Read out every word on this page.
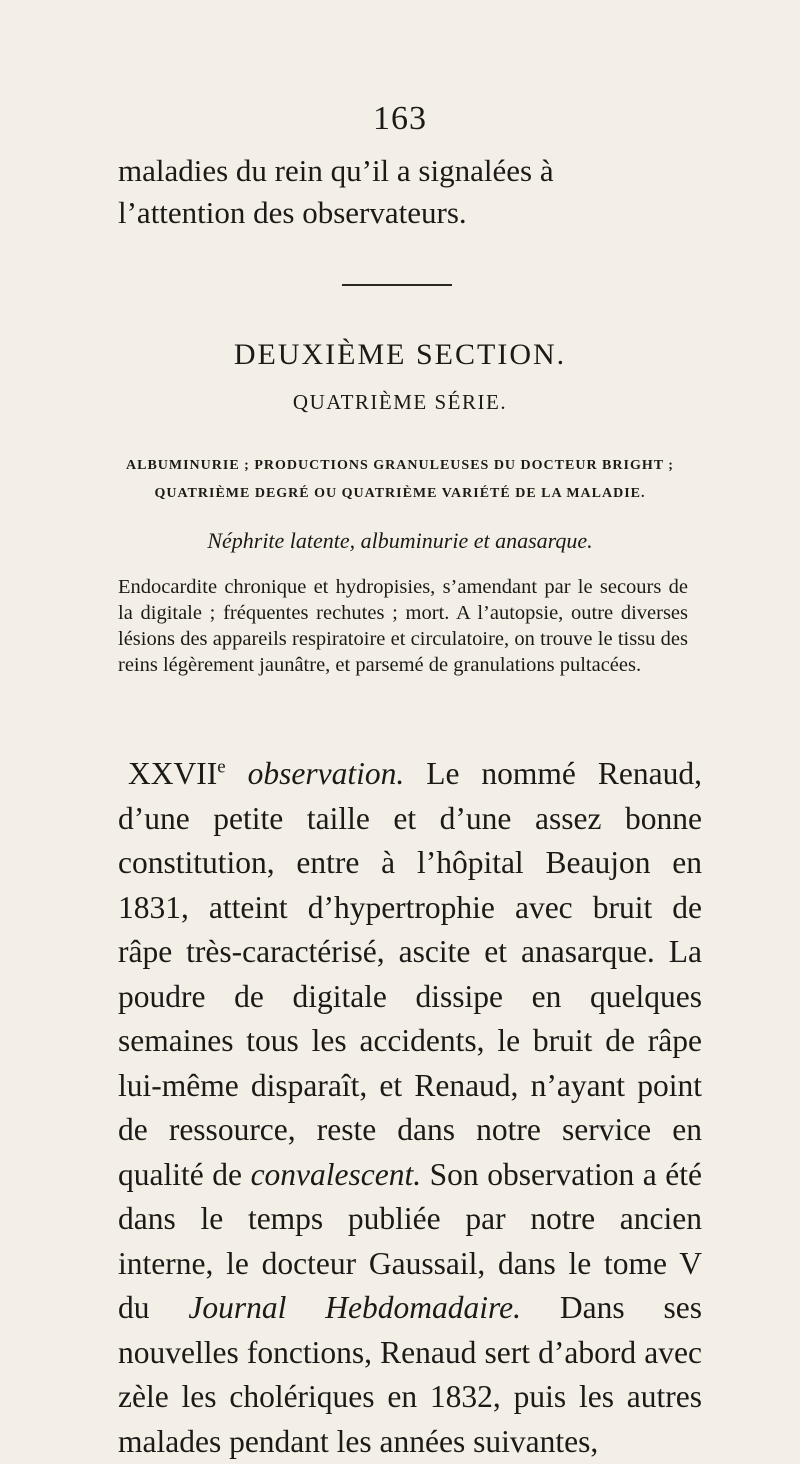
163

maladies du rein qu’il a signalées à l’attention des observateurs.

DEUXIÈME SECTION.
QUATRIÈME SÉRIE.
ALBUMINURIE ; PRODUCTIONS GRANULEUSES DU DOCTEUR BRIGHT ;
QUATRIÈME DEGRÉ OU QUATRIÈME VARIÉTÉ DE LA MALADIE.
Néphrite latente, albuminurie et anasarque.

Endocardite chronique et hydropisies, s’amendant par le secours de la digitale ; fréquentes rechutes ; mort. A l’autopsie, outre diverses lésions des appareils respiratoire et circulatoire, on trouve le tissu des reins légèrement jaunâtre, et parsemé de granulations pultacées.

XXVIIe observation. Le nommé Renaud, d’une petite taille et d’une assez bonne constitution, entre à l’hôpital Beaujon en 1831, atteint d’hypertrophie avec bruit de râpe très-caractérisé, ascite et anasarque. La poudre de digitale dissipe en quelques semaines tous les accidents, le bruit de râpe lui-même disparaît, et Renaud, n’ayant point de ressource, reste dans notre service en qualité de convalescent. Son observation a été dans le temps publiée par notre ancien interne, le docteur Gaussail, dans le tome V du Journal Hebdomadaire. Dans ses nouvelles fonctions, Renaud sert d’abord avec zèle les cholériques en 1832, puis les autres malades pendant les années suivantes,
